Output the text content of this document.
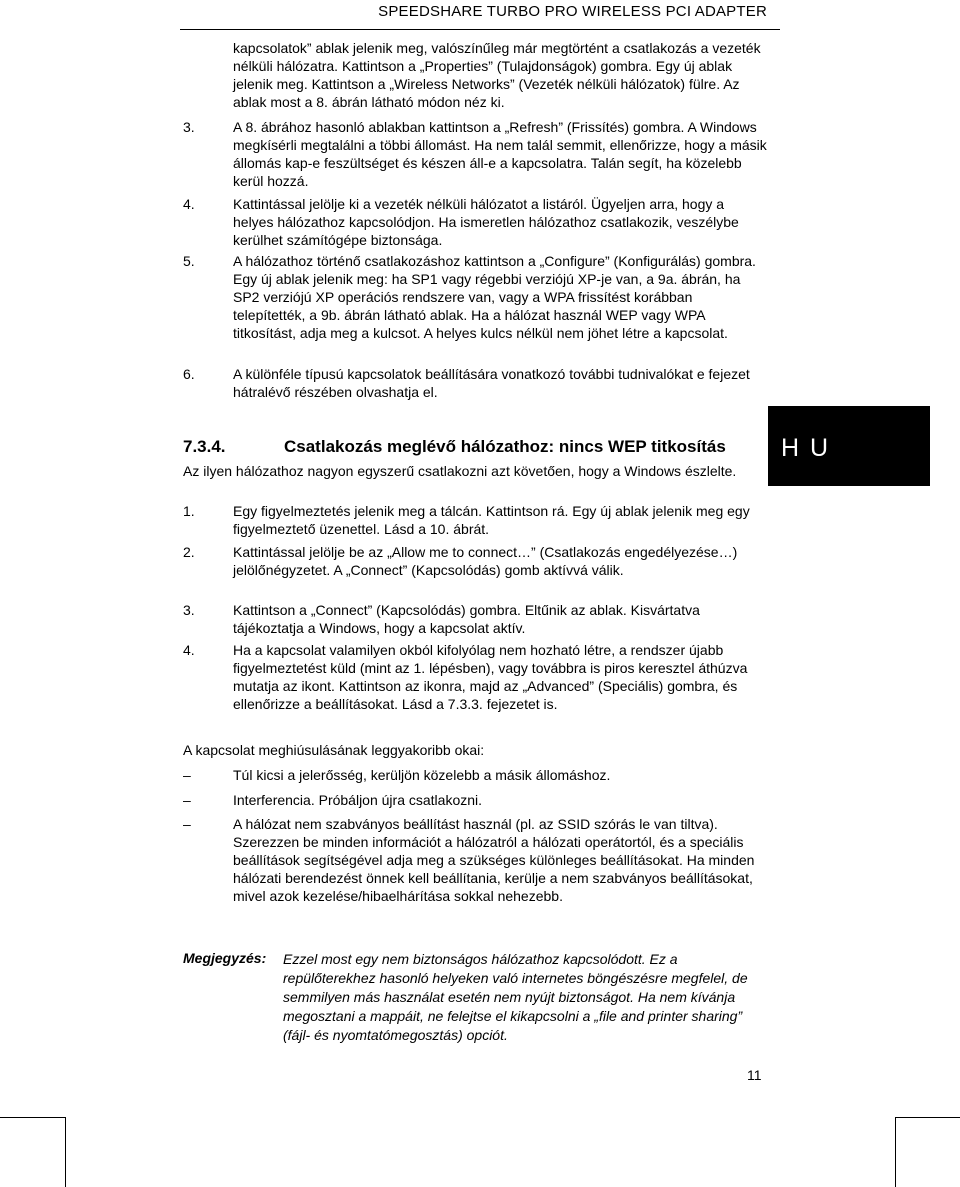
SPEEDSHARE TURBO PRO WIRELESS PCI ADAPTER
kapcsolatok” ablak jelenik meg, valószínűleg már megtörtént a csatlakozás a vezeték nélküli hálózatra. Kattintson a „Properties” (Tulajdonságok) gombra. Egy új ablak jelenik meg. Kattintson a „Wireless Networks” (Vezeték nélküli hálózatok) fülre. Az ablak most a 8. ábrán látható módon néz ki.
3.	A 8. ábrához hasonló ablakban kattintson a „Refresh” (Frissítés) gombra. A Windows megkísérli megtalálni a többi állomást. Ha nem talál semmit, ellenőrizze, hogy a másik állomás kap-e feszültséget és készen áll-e a kapcsolatra. Talán segít, ha közelebb kerül hozzá.
4.	Kattintással jelölje ki a vezeték nélküli hálózatot a listáról. Ügyeljen arra, hogy a helyes hálózathoz kapcsolódjon. Ha ismeretlen hálózathoz csatlakozik, veszélybe kerülhet számítógépe biztonsága.
5.	A hálózathoz történő csatlakozáshoz kattintson a „Configure” (Konfigurálás) gombra. Egy új ablak jelenik meg: ha SP1 vagy régebbi verziójú XP-je van, a 9a. ábrán, ha SP2 verziójú XP operációs rendszere van, vagy a WPA frissítést korábban telepítették, a 9b. ábrán látható ablak. Ha a hálózat használ WEP vagy WPA titkosítást, adja meg a kulcsot. A helyes kulcs nélkül nem jöhet létre a kapcsolat.
6.	A különféle típusú kapcsolatok beállítására vonatkozó további tudnivalókat e fejezet hátralévő részében olvashatja el.
H U
7.3.4.	Csatlakozás meglévő hálózathoz: nincs WEP titkosítás
Az ilyen hálózathoz nagyon egyszerű csatlakozni azt követően, hogy a Windows észlelte.
1.	Egy figyelmeztetés jelenik meg a tálcán. Kattintson rá. Egy új ablak jelenik meg egy figyelmeztető üzenettel. Lásd a 10. ábrát.
2.	Kattintással jelölje be az „Allow me to connect…” (Csatlakozás engedélyezése…) jelölőnégyzetet. A „Connect” (Kapcsolódás) gomb aktívvá válik.
3.	Kattintson a „Connect” (Kapcsolódás) gombra. Eltűnik az ablak. Kisvártatva tájékoztatja a Windows, hogy a kapcsolat aktív.
4.	Ha a kapcsolat valamilyen okból kifolyólag nem hozható létre, a rendszer újabb figyelmeztetést küld (mint az 1. lépésben), vagy továbbra is piros keresztel áthúzva mutatja az ikont. Kattintson az ikonra, majd az „Advanced” (Speciális) gombra, és ellenőrizze a beállításokat. Lásd a 7.3.3. fejezetet is.
A kapcsolat meghiúsulásának leggyakoribb okai:
–	Túl kicsi a jelerősség, kerüljön közelebb a másik állomáshoz.
–	Interferencia. Próbáljon újra csatlakozni.
–	A hálózat nem szabványos beállítást használ (pl. az SSID szórás le van tiltva). Szerezzen be minden információt a hálózatról a hálózati operátortól, és a speciális beállítások segítségével adja meg a szükséges különleges beállításokat. Ha minden hálózati berendezést önnek kell beállítania, kerülje a nem szabványos beállításokat, mivel azok kezelése/hibaelhárítása sokkal nehezebb.
Megjegyzés: Ezzel most egy nem biztonságos hálózathoz kapcsolódott. Ez a repülőterekhez hasonló helyeken való internetes böngészésre megfelel, de semmilyen más használat esetén nem nyújt biztonságot. Ha nem kívánja megosztani a mappáit, ne felejtse el kikapcsolni a „file and printer sharing” (fájl- és nyomtatómegosztás) opciót.
11
